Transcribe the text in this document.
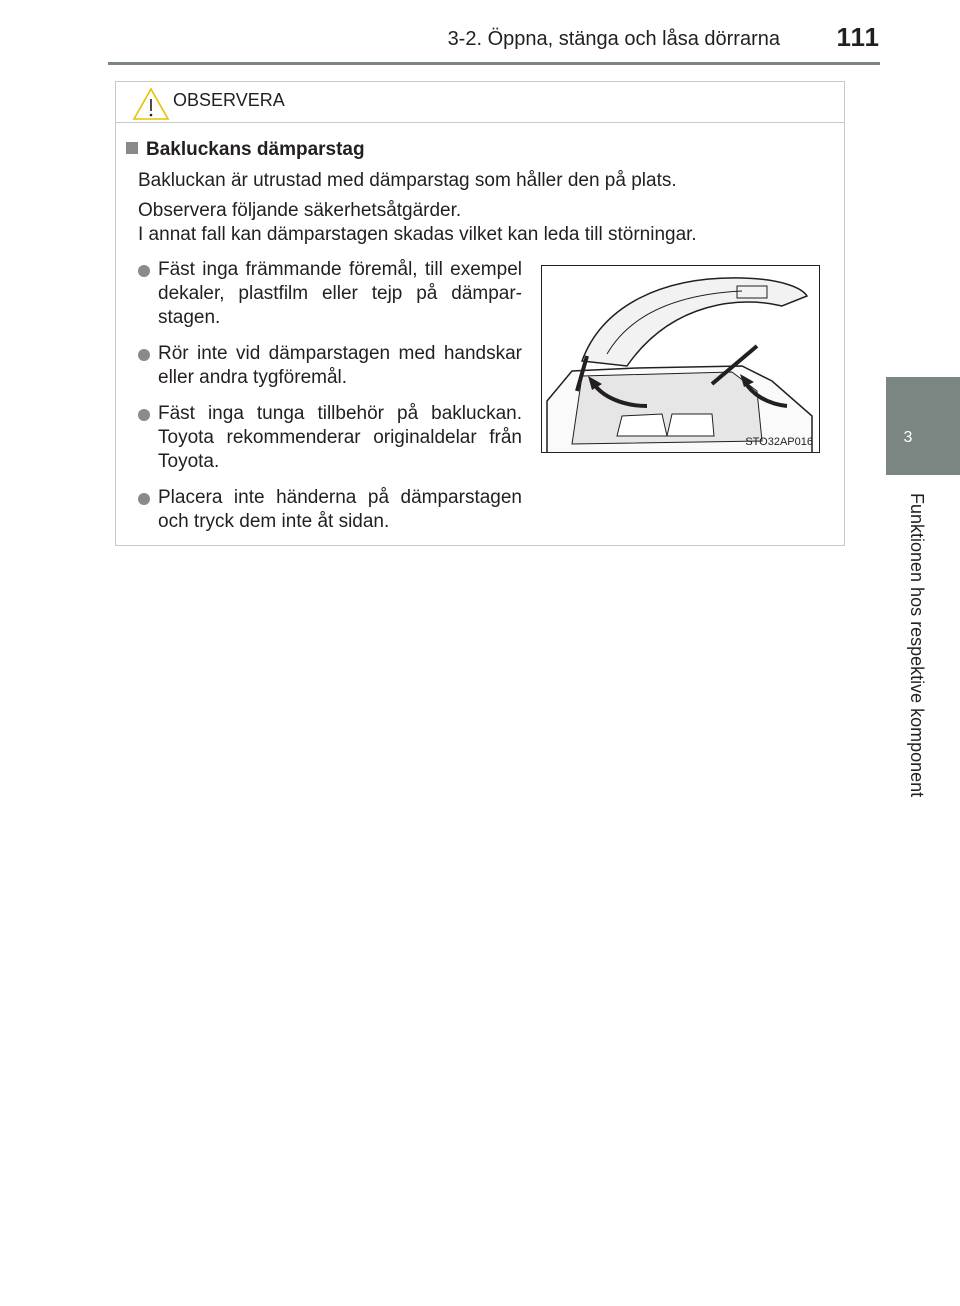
3-2. Öppna, stänga och låsa dörrarna	111
3
Funktionen hos respektive komponent
OBSERVERA
Bakluckans dämparstag
Bakluckan är utrustad med dämparstag som håller den på plats.
Observera följande säkerhetsåtgärder.
I annat fall kan dämparstagen skadas vilket kan leda till störningar.
Fäst inga främmande föremål, till exempel dekaler, plastfilm eller tejp på dämparstagen.
Rör inte vid dämparstagen med handskar eller andra tygföremål.
Fäst inga tunga tillbehör på bakluckan. Toyota rekommenderar originaldelar från Toyota.
Placera inte händerna på dämparstagen och tryck dem inte åt sidan.
STO32AP016
